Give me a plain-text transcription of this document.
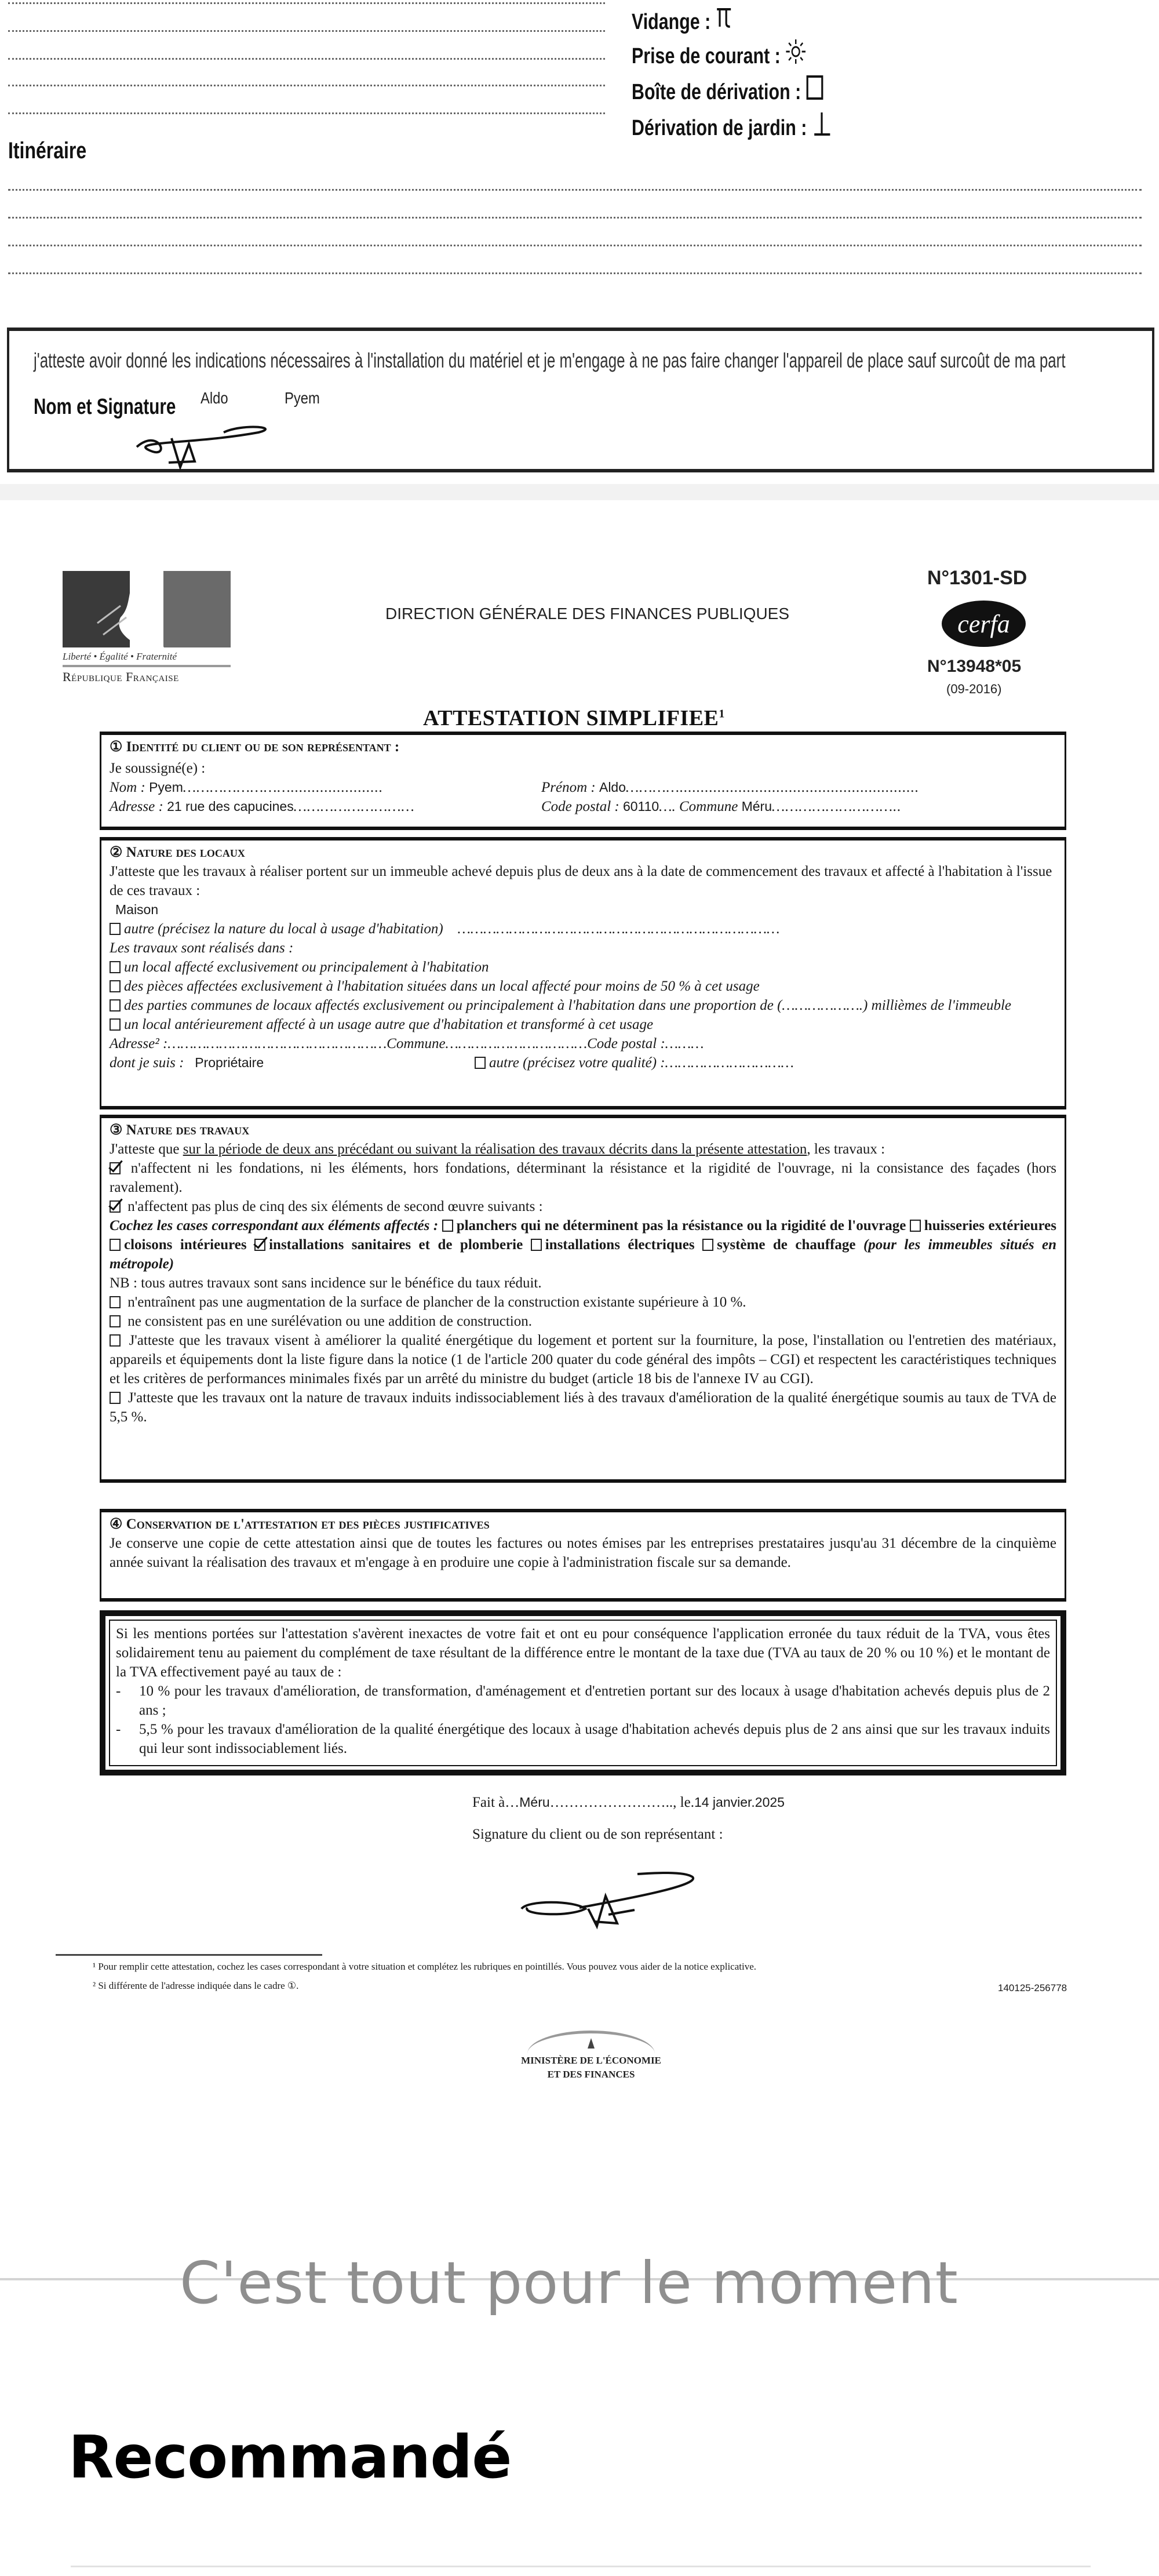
Vidange :
Prise de courant :
Boîte de dérivation :
Dérivation de jardin :
Itinéraire
j'atteste avoir donné les indications nécessaires à l'installation du matériel et je m'engage à ne pas faire changer l'appareil de place sauf surcoût de ma part
Nom et Signature Aldo	Pyem
Liberté • Égalité • Fraternité
République Française
DIRECTION GÉNÉRALE DES FINANCES PUBLIQUES
N°1301-SD
cerfa
N°13948*05
(09-2016)
ATTESTATION SIMPLIFIEE$^1$
① Identité du client ou de son représentant :
Je soussigné(e) :
Nom : Pyem……………………......................	Prénom : Aldo………….........................................................
Adresse : 21 rue des capucines………………………	Code postal : 60110…. Commune Méru………………………..
② Nature des locaux
J'atteste que les travaux à réaliser portent sur un immeuble achevé depuis plus de deux ans à la date de commencement des travaux et affecté à l'habitation à l'issue de ces travaux :
Maison
autre (précisez la nature du local à usage d'habitation)    …………………………………………………………………
Les travaux sont réalisés dans :
un local affecté exclusivement ou principalement à l'habitation
des pièces affectées exclusivement à l'habitation situées dans un local affecté pour moins de 50 % à cet usage
des parties communes de locaux affectés exclusivement ou principalement à l'habitation dans une proportion de (……………….) millièmes de l'immeuble
un local antérieurement affecté à un usage autre que d'habitation et transformé à cet usage
Adresse² :……………………………………………Commune……………………………Code postal :………
dont je suis : Propriétaire	autre (précisez votre qualité) :…………………………
③ Nature des travaux
J'atteste que sur la période de deux ans précédant ou suivant la réalisation des travaux décrits dans la présente attestation, les travaux :
n'affectent ni les fondations, ni les éléments, hors fondations, déterminant la résistance et la rigidité de l'ouvrage, ni la consistance des façades (hors ravalement).
n'affectent pas plus de cinq des six éléments de second œuvre suivants :
Cochez les cases correspondant aux éléments affectés : planchers qui ne déterminent pas la résistance ou la rigidité de l'ouvrage huisseries extérieures cloisons intérieures installations sanitaires et de plomberie installations électriques système de chauffage (pour les immeubles situés en métropole)
NB : tous autres travaux sont sans incidence sur le bénéfice du taux réduit.
n'entraînent pas une augmentation de la surface de plancher de la construction existante supérieure à 10 %.
ne consistent pas en une surélévation ou une addition de construction.
J'atteste que les travaux visent à améliorer la qualité énergétique du logement et portent sur la fourniture, la pose, l'installation ou l'entretien des matériaux, appareils et équipements dont la liste figure dans la notice (1 de l'article 200 quater du code général des impôts – CGI) et respectent les caractéristiques techniques et les critères de performances minimales fixés par un arrêté du ministre du budget (article 18 bis de l'annexe IV au CGI).
J'atteste que les travaux ont la nature de travaux induits indissociablement liés à des travaux d'amélioration de la qualité énergétique soumis au taux de TVA de 5,5 %.
④ Conservation de l'attestation et des pièces justificatives
Je conserve une copie de cette attestation ainsi que de toutes les factures ou notes émises par les entreprises prestataires jusqu'au 31 décembre de la cinquième année suivant la réalisation des travaux et m'engage à en produire une copie à l'administration fiscale sur sa demande.
Si les mentions portées sur l'attestation s'avèrent inexactes de votre fait et ont eu pour conséquence l'application erronée du taux réduit de la TVA, vous êtes solidairement tenu au paiement du complément de taxe résultant de la différence entre le montant de la taxe due (TVA au taux de 20 % ou 10 %) et le montant de la TVA effectivement payé au taux de :
-	10 % pour les travaux d'amélioration, de transformation, d'aménagement et d'entretien portant sur des locaux à usage d'habitation achevés depuis plus de 2 ans ;
-	5,5 % pour les travaux d'amélioration de la qualité énergétique des locaux à usage d'habitation achevés depuis plus de 2 ans ainsi que sur les travaux induits qui leur sont indissociablement liés.
Fait à…Méru…………………….., le.14 janvier.2025
Signature du client ou de son représentant :
¹ Pour remplir cette attestation, cochez les cases correspondant à votre situation et complétez les rubriques en pointillés. Vous pouvez vous aider de la notice explicative.
² Si différente de l'adresse indiquée dans le cadre ①.	140125-256778
MINISTÈRE DE L'ÉCONOMIE
ET DES FINANCES
C'est tout pour le moment
Recommandé
